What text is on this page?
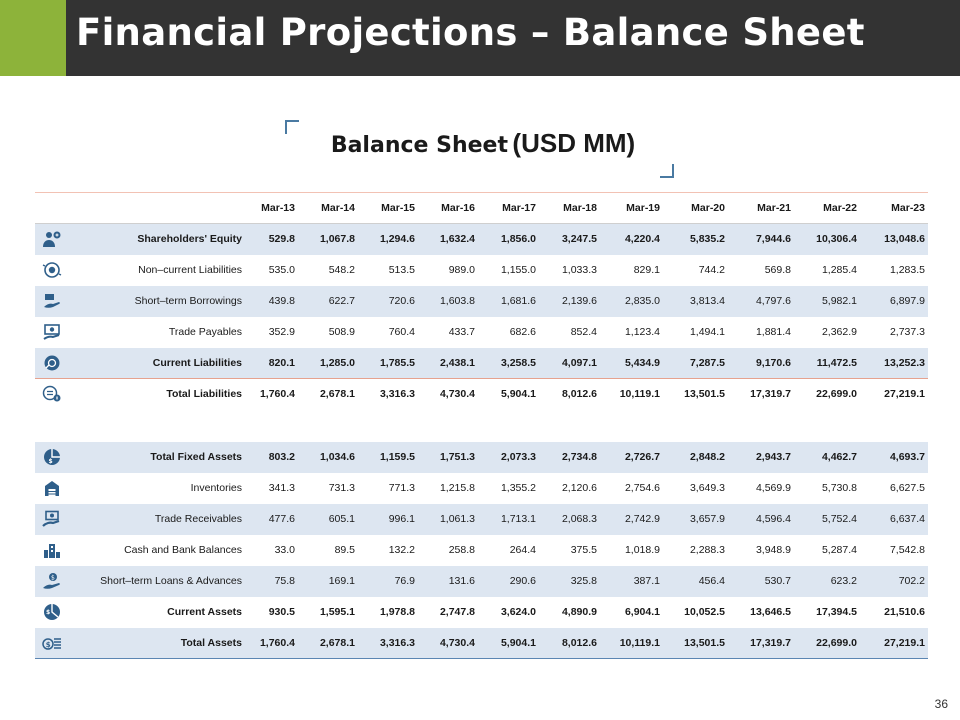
Financial Projections – Balance Sheet
Balance Sheet (USD MM)
		Mar-13	Mar-14	Mar-15	Mar-16	Mar-17	Mar-18	Mar-19	Mar-20	Mar-21	Mar-22	Mar-23
	Shareholders' Equity	529.8	1,067.8	1,294.6	1,632.4	1,856.0	3,247.5	4,220.4	5,835.2	7,944.6	10,306.4	13,048.6
	Non–current Liabilities	535.0	548.2	513.5	989.0	1,155.0	1,033.3	829.1	744.2	569.8	1,285.4	1,283.5
	Short–term Borrowings	439.8	622.7	720.6	1,603.8	1,681.6	2,139.6	2,835.0	3,813.4	4,797.6	5,982.1	6,897.9
	Trade Payables	352.9	508.9	760.4	433.7	682.6	852.4	1,123.4	1,494.1	1,881.4	2,362.9	2,737.3
	Current Liabilities	820.1	1,285.0	1,785.5	2,438.1	3,258.5	4,097.1	5,434.9	7,287.5	9,170.6	11,472.5	13,252.3
	Total Liabilities	1,760.4	2,678.1	3,316.3	4,730.4	5,904.1	8,012.6	10,119.1	13,501.5	17,319.7	22,699.0	27,219.1

$	Total Fixed Assets	803.2	1,034.6	1,159.5	1,751.3	2,073.3	2,734.8	2,726.7	2,848.2	2,943.7	4,462.7	4,693.7
	Inventories	341.3	731.3	771.3	1,215.8	1,355.2	2,120.6	2,754.6	3,649.3	4,569.9	5,730.8	6,627.5
	Trade Receivables	477.6	605.1	996.1	1,061.3	1,713.1	2,068.3	2,742.9	3,657.9	4,596.4	5,752.4	6,637.4
	Cash and Bank Balances	33.0	89.5	132.2	258.8	264.4	375.5	1,018.9	2,288.3	3,948.9	5,287.4	7,542.8

$	Short–term Loans & Advances	75.8	169.1	76.9	131.6	290.6	325.8	387.1	456.4	530.7	623.2	702.2

$	Current Assets	930.5	1,595.1	1,978.8	2,747.8	3,624.0	4,890.9	6,904.1	10,052.5	13,646.5	17,394.5	21,510.6

$	Total Assets	1,760.4	2,678.1	3,316.3	4,730.4	5,904.1	8,012.6	10,119.1	13,501.5	17,319.7	22,699.0	27,219.1
36
